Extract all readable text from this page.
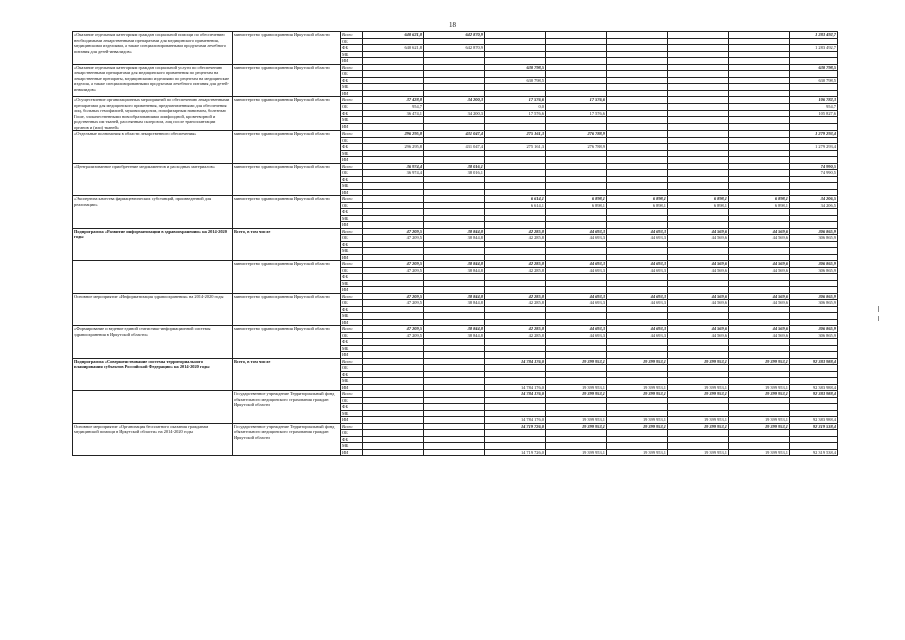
18
«Оказание отдельным категориям граждан социальной помощи по обеспечению необходимыми лекарственными препаратами для медицинского применения, медицинскими изделиями, а также специализированными продуктами лечебного питания для детей-инвалидов»	министерство здравоохранения Иркутской области	Всего	640 621,8	642 870,9						1 283 492,7
		ОБ								
		ФБ	640 621,8	642 870,9						1 283 492,7
		МБ								
		ИИ								
«Оказание отдельным категориям граждан социальной услуги по обеспечению лекарственными препаратами для медицинского применения по рецептам на лекарственные препараты, медицинскими изделиями по рецептам на медицинские изделия, а также специализированными продуктами лечебного питания для детей-инвалидов»	министерство здравоохранения Иркутской области	Всего			630 798,5					630 798,5
		ОБ								
		ФБ			630 798,5					630 798,5
		МБ								
		ИИ								
«Осуществление организационных мероприятий по обеспечению лекарственными препаратами для медицинского применения, предназначенными для обеспечения лиц, больных гемофилией, муковисцидозом, гипофизарным нанизмом, болезнью Гоше, злокачественными новообразованиями лимфоидной, кроветворной и родственных им тканей, рассеянным склерозом, лиц после трансплантации органов и (или) тканей»	министерство здравоохранения Иркутской области	Всего	37 428,8	34 200,3	17 576,6	17 576,6				106 782,3
		ОБ	954,7		0,0					954,7
		ФБ	36 474,1	34 200,3	17 576,6	17 576,6				105 827,6
		МБ								
		ИИ								
«Отдельные полномочия в области лекарственного обеспечения»	министерство здравоохранения Иркутской области	Всего	296 295,8	431 047,4	275 161,3	276 788,9				1 279 293,4
		ОБ								
		ФБ	296 295,8	431 047,4	275 161,3	276 788,9				1 279 293,4
		МБ								
		ИИ								
«Централизованное приобретение медикаментов и расходных материалов»	министерство здравоохранения Иркутской области	Всего	36 974,4	38 016,1						74 990,5
		ОБ	36 974,4	38 016,1						74 990,5
		ФБ								
		МБ								
		ИИ								
«Экспертиза качества фармацевтических субстанций, произведенной для реализации»	министерство здравоохранения Иркутской области	Всего			6 614,1	6 898,1	6 898,1	6 898,1	6 898,1	34 206,5
		ОБ			6 614,1	6 898,1	6 898,1	6 898,1	6 898,1	34 206,5
		ФБ								
		МБ								
		ИИ								
Подпрограмма «Развитие информатизации в здравоохранении» на 2014-2020 годы	Всего, в том числе	Всего	47 209,5	38 844,8	42 285,8	44 693,3	44 693,3	44 569,6	44 569,6	306 865,9
		ОБ	47 209,5	38 844,8	42 285,8	44 693,3	44 693,3	44 569,6	44 569,6	306 865,9
		ФБ								
		МБ								
		ИИ								
	министерство здравоохранения Иркутской области	Всего	47 209,5	38 844,8	42 285,8	44 693,3	44 693,3	44 569,6	44 569,6	306 865,9
		ОБ	47 209,5	38 844,8	42 285,8	44 693,3	44 693,3	44 569,6	44 569,6	306 865,9
		ФБ								
		МБ								
		ИИ								
Основное мероприятие «Информатизация здравоохранения» на 2014-2020 годы	министерство здравоохранения Иркутской области	Всего	47 209,5	38 844,8	42 285,8	44 693,3	44 693,3	44 569,6	44 569,6	306 865,9
		ОБ	47 209,5	38 844,8	42 285,8	44 693,3	44 693,3	44 569,6	44 569,6	306 865,9
		ФБ								
		МБ								
		ИИ								
«Формирование и ведение единой статистико-информационной системы здравоохранения в Иркутской области»	министерство здравоохранения Иркутской области	Всего	47 209,5	38 844,8	42 285,8	44 693,3	44 693,3	44 569,6	44 569,6	306 865,9
		ОБ	47 209,5	38 844,8	42 285,8	44 693,3	44 693,3	44 569,6	44 569,6	306 865,9
		ФБ								
		МБ								
		ИИ								
Подпрограмма «Совершенствование системы территориального планирования субъектов Российской Федерации» на 2014-2020 годы	Всего, в том числе	Всего			14 784 176,0	19 399 953,1	19 399 953,1	19 399 953,1	19 399 953,1	92 383 988,4
		ОБ								
		ФБ								
		МБ								
		ИИ			14 784 176,0	19 399 953,1	19 399 953,1	19 399 953,1	19 399 953,1	92 383 988,4
	Государственное учреждение Территориальный фонд обязательного медицинского страхования граждан Иркутской области	Всего			14 784 176,0	19 399 953,1	19 399 953,1	19 399 953,1	19 399 953,1	92 383 988,4
		ОБ								
		ФБ								
		МБ								
		ИИ			14 784 176,0	19 399 953,1	19 399 953,1	19 399 953,1	19 399 953,1	92 383 988,4
Основное мероприятие «Организация бесплатного оказания гражданам медицинской помощи в Иркутской области» на 2014-2020 годы	Государственное учреждение Территориальный фонд обязательного медицинского страхования граждан Иркутской области	Всего			14 719 726,0	19 399 953,1	19 399 953,1	19 399 953,1	19 399 953,1	92 319 538,4
		ОБ								
		ФБ								
		МБ								
		ИИ			14 719 726,0	19 399 953,1	19 399 953,1	19 399 953,1	19 399 953,1	92 319 538,4
